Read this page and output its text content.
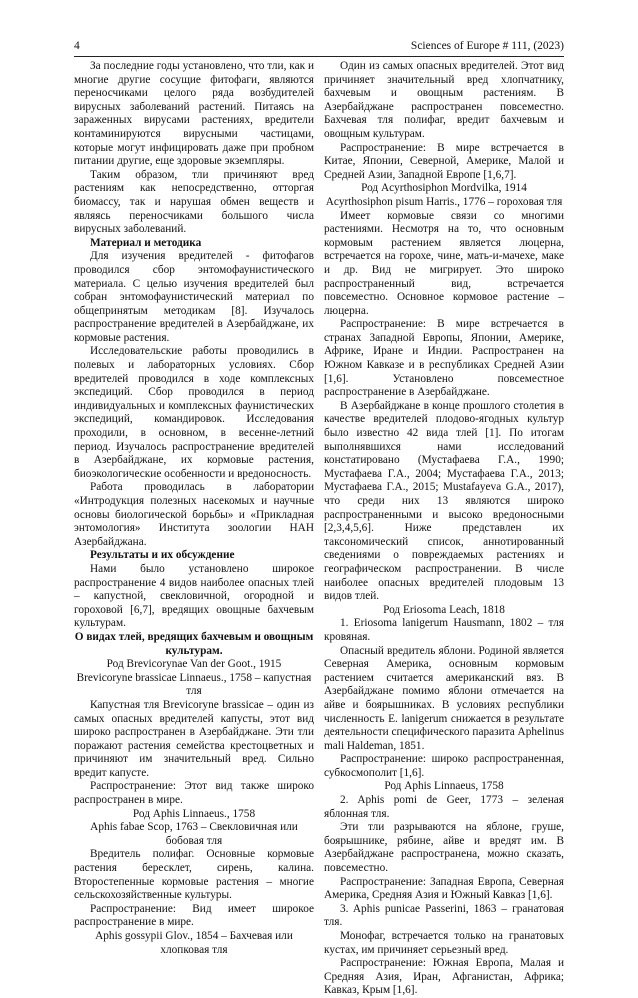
4	Sciences of Europe # 111, (2023)

За последние годы установлено, что тли, как и многие другие сосущие фитофаги, являются переносчиками целого ряда возбудителей вирусных заболеваний растений. Питаясь на зараженных вирусами растениях, вредители контаминируются вирусными частицами, которые могут инфицировать даже при пробном питании другие, еще здоровые экземпляры.

Таким образом, тли причиняют вред растениям как непосредственно, отторгая биомассу, так и нарушая обмен веществ и являясь переносчиками большого числа вирусных заболеваний.

Материал и методика

Для изучения вредителей - фитофагов проводился сбор энтомофаунистического материала. С целью изучения вредителей был собран энтомофаунистический материал по общепринятым методикам [8]. Изучалось распространение вредителей в Азербайджане, их кормовые растения.

Исследовательские работы проводились в полевых и лабораторных условиях. Сбор вредителей проводился в ходе комплексных экспедиций. Сбор проводился в период индивидуальных и комплексных фаунистических экспедиций, командировок. Исследования проходили, в основном, в весенне-летний период. Изучалось распространение вредителей в Азербайджане, их кормовые растения, биоэкологические особенности и вредоносность.

Работа проводилась в лаборатории «Интродукция полезных насекомых и научные основы биологической борьбы» и «Прикладная энтомология» Института зоологии НАН Азербайджана.

Результаты и их обсуждение

Нами было установлено широкое распространение 4 видов наиболее опасных тлей – капустной, свекловичной, огородной и гороховой [6,7], вредящих овощные бахчевым культурам.

О видах тлей, вредящих бахчевым и овощным культурам.

Род Brevicorynae Van der Goot., 1915

Brevicoryne brassicae Linnaeus., 1758 – капустная тля

Капустная тля Brevicoryne brassicae – один из самых опасных вредителей капусты, этот вид широко распространен в Азербайджане. Эти тли поражают растения семейства крестоцветных и причиняют им значительный вред. Сильно вредит капусте.

Распространение: Этот вид также широко распространен в мире.

Род Aphis Linnaeus., 1758

Aphis fabae Scop, 1763 – Свекловичная или бобовая тля

Вредитель полифаг. Основные кормовые растения бересклет, сирень, калина. Второстепенные кормовые растения – многие сельскохозяйственные культуры.

Распространение: Вид имеет широкое распространение в мире.

Aphis gossypii Glov., 1854 – Бахчевая или хлопковая тля

Один из самых опасных вредителей. Этот вид причиняет значительный вред хлопчатнику, бахчевым и овощным растениям. В Азербайджане распространен повсеместно. Бахчевая тля полифаг, вредит бахчевым и овощным культурам.

Распространение: В мире встречается в Китае, Японии, Северной, Америке, Малой и Средней Азии, Западной Европе [1,6,7].

Род Acyrthosiphon Mordvilka, 1914

Acyrthosiphon pisum Harris., 1776 – гороховая тля

Имеет кормовые связи со многими растениями. Несмотря на то, что основным кормовым растением является люцерна, встречается на горохе, чине, мать-и-мачехе, маке и др. Вид не мигрирует. Это широко распространенный вид, встречается повсеместно. Основное кормовое растение – люцерна.

Распространение: В мире встречается в странах Западной Европы, Японии, Америке, Африке, Иране и Индии. Распространен на Южном Кавказе и в республиках Средней Азии [1,6]. Установлено повсеместное распространение в Азербайджане.

В Азербайджане в конце прошлого столетия в качестве вредителей плодово-ягодных культур было известно 42 вида тлей [1]. По итогам выполнявшихся нами исследований констатировано (Мустафаева Г.А., 1990; Мустафаева Г.А., 2004; Мустафаева Г.А., 2013; Мустафаева Г.А., 2015; Mustafayeva G.A., 2017), что среди них 13 являются широко распространенными и высоко вредоносными [2,3,4,5,6]. Ниже представлен их таксономический список, аннотированный сведениями о повреждаемых растениях и географическом распространении. В числе наиболее опасных вредителей плодовым 13 видов тлей.

Род Eriosoma Leach, 1818

1. Eriosoma lanigerum Hausmann, 1802 – тля кровяная.

Опасный вредитель яблони. Родиной является Северная Америка, основным кормовым растением считается американский вяз. В Азербайджане помимо яблони отмечается на айве и боярышниках. В условиях республики численность E. lanigerum снижается в результате деятельности специфического паразита Aphelinus mali Haldeman, 1851.

Распространение: широко распространенная, субкосмополит [1,6].

Род Aphis Linnaeus, 1758

2. Aphis pomi de Geer, 1773 – зеленая яблонная тля.

Эти тли разрываются на яблоне, груше, боярышнике, рябине, айве и вредят им. В Азербайджане распространена, можно сказать, повсеместно.

Распространение: Западная Европа, Северная Америка, Средняя Азия и Южный Кавказ [1,6].

3. Aphis punicae Passerini, 1863 – гранатовая тля.

Монофаг, встречается только на гранатовых кустах, им причиняет серьезный вред.

Распространение: Южная Европа, Малая и Средняя Азия, Иран, Афганистан, Африка; Кавказ, Крым [1,6].
